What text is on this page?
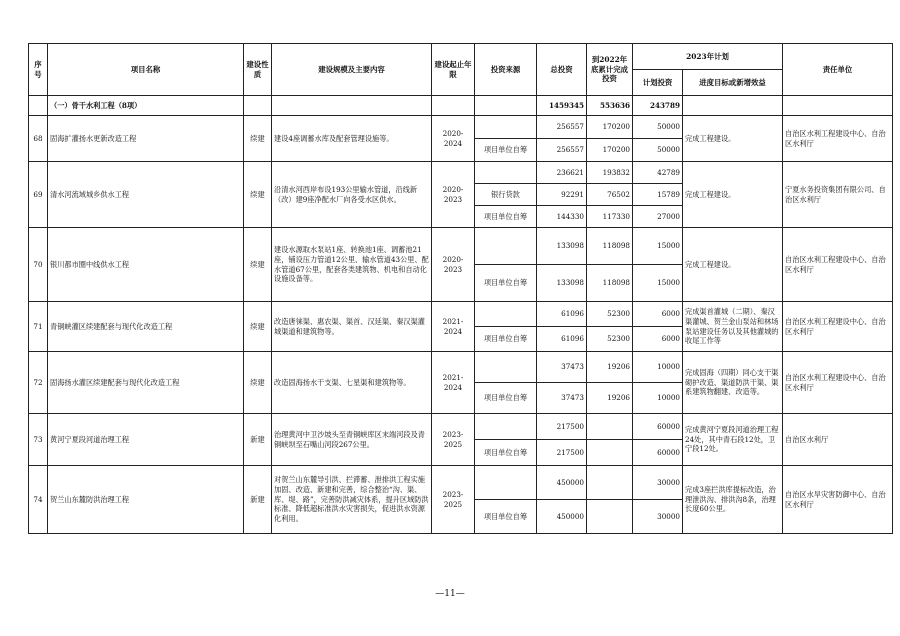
序号	项目名称	建设性质	建设规模及主要内容	建设起止年限	投资来源	总投资	到2022年底累计完成投资	2023年计划		责任单位
								计划投资	进度目标或新增效益	
	（一）骨干水利工程（8项）					1459345	553636	243789		
68	固海扩灌扬水更新改造工程	续建	建设4座调蓄水库及配套管理设施等。	2020-2024		256557	170200	50000	完成工程建设。	自治区水利工程建设中心、自治区水利厅
					项目单位自筹	256557	170200	50000		
69	清水河流域城乡供水工程	续建	沿清水河西岸布设193公里输水管道，沿线新（改）建9座净配水厂向各受水区供水。	2020-2023		236621	193832	42789	完成工程建设。	宁夏水务投资集团有限公司、自治区水利厅
					银行贷款	92291	76502	15789		
					项目单位自筹	144330	117330	27000		
70	银川都市圈中线供水工程	续建	建设水源取水泵站1座、转换池1座、调蓄池21座，铺设压力管道12公里、输水管道43公里、配水管道67公里，配套各类建筑物、机电和自动化设施设备等。	2020-2023		133098	118098	15000	完成工程建设。	自治区水利工程建设中心、自治区水利厅
					项目单位自筹	133098	118098	15000		
71	青铜峡灌区续建配套与现代化改造工程	续建	改造唐徕渠、惠农渠、渠首、汉延渠、秦汉渠灌城渠道和建筑物等。	2021-2024		61096	52300	6000	完成渠首灌城（二期）、秦汉渠灌城、贺兰金山泵站和林场泵站建设任务以及其他灌城的收尾工作等	自治区水利工程建设中心、自治区水利厅
					项目单位自筹	61096	52300	6000		
72	固海扬水灌区续建配套与现代化改造工程	续建	改造固海扬水干支渠、七星渠和建筑物等。	2021-2024		37473	19206	10000	完成固海（四期）同心支干渠砌护改造、渠道防洪干渠、渠系建筑物翻建、改造等。	自治区水利工程建设中心、自治区水利厅
					项目单位自筹	37473	19206	10000		
73	黄河宁夏段河道治理工程	新建	治理黄河中卫沙坡头至青铜峡库区末端河段及青铜峡坝至石嘴山河段267公里。	2023-2025		217500		60000	完成黄河宁夏段河道治理工程24处，其中青石段12处，卫宁段12处。	自治区水利厅
					项目单位自筹	217500		60000		
74	贺兰山东麓防洪治理工程	新建	对贺兰山东麓导引洪、拦滞蓄、泄排洪工程实施加固、改造、新建和完善，综合整治“沟、渠、库、堤、路”，完善防洪减灾体系，提升区域防洪标准、降低超标准洪水灾害损失，促进洪水资源化利用。	2023-2025		450000		30000	完成3座拦洪库提标改造，治理泄洪沟、排洪沟8条，治理长度60公里。	自治区水旱灾害防御中心、自治区水利厅
					项目单位自筹	450000		30000		
—11—
